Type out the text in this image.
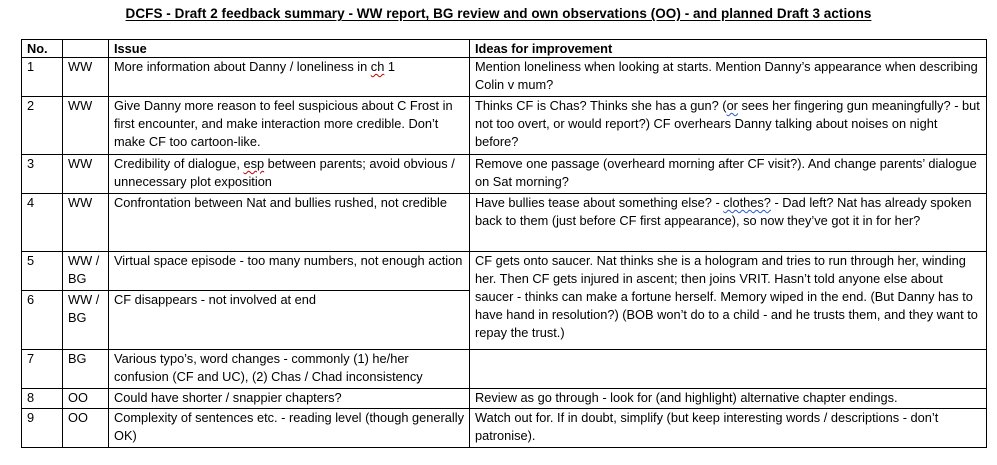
DCFS - Draft 2 feedback summary - WW report, BG review and own observations (OO) - and planned Draft 3 actions
No.		Issue	Ideas for improvement
1	WW	More information about Danny / loneliness in ch 1	Mention loneliness when looking at starts. Mention Danny’s appearance when describing Colin v mum?
2	WW	Give Danny more reason to feel suspicious about C Frost in first encounter, and make interaction more credible. Don’t make CF too cartoon-like.	Thinks CF is Chas? Thinks she has a gun? (or sees her fingering gun meaningfully? - but not too overt, or would report?) CF overhears Danny talking about noises on night before?
3	WW	Credibility of dialogue, esp between parents; avoid obvious / unnecessary plot exposition	Remove one passage (overheard morning after CF visit?). And change parents’ dialogue on Sat morning?
4	WW	Confrontation between Nat and bullies rushed, not credible	Have bullies tease about something else? - clothes? - Dad left? Nat has already spoken back to them (just before CF first appearance), so now they’ve got it in for her?
5	WW / BG	Virtual space episode - too many numbers, not enough action	CF gets onto saucer. Nat thinks she is a hologram and tries to run through her, winding her. Then CF gets injured in ascent; then joins VRIT. Hasn’t told anyone else about saucer - thinks can make a fortune herself. Memory wiped in the end. (But Danny has to have hand in resolution?) (BOB won’t do to a child - and he trusts them, and they want to repay the trust.)
6	WW / BG	CF disappears - not involved at end	
7	BG	Various typo’s, word changes - commonly (1) he/her confusion (CF and UC), (2) Chas / Chad inconsistency	
8	OO	Could have shorter / snappier chapters?	Review as go through - look for (and highlight) alternative chapter endings.
9	OO	Complexity of sentences etc. - reading level (though generally OK)	Watch out for. If in doubt, simplify (but keep interesting words / descriptions - don’t patronise).
